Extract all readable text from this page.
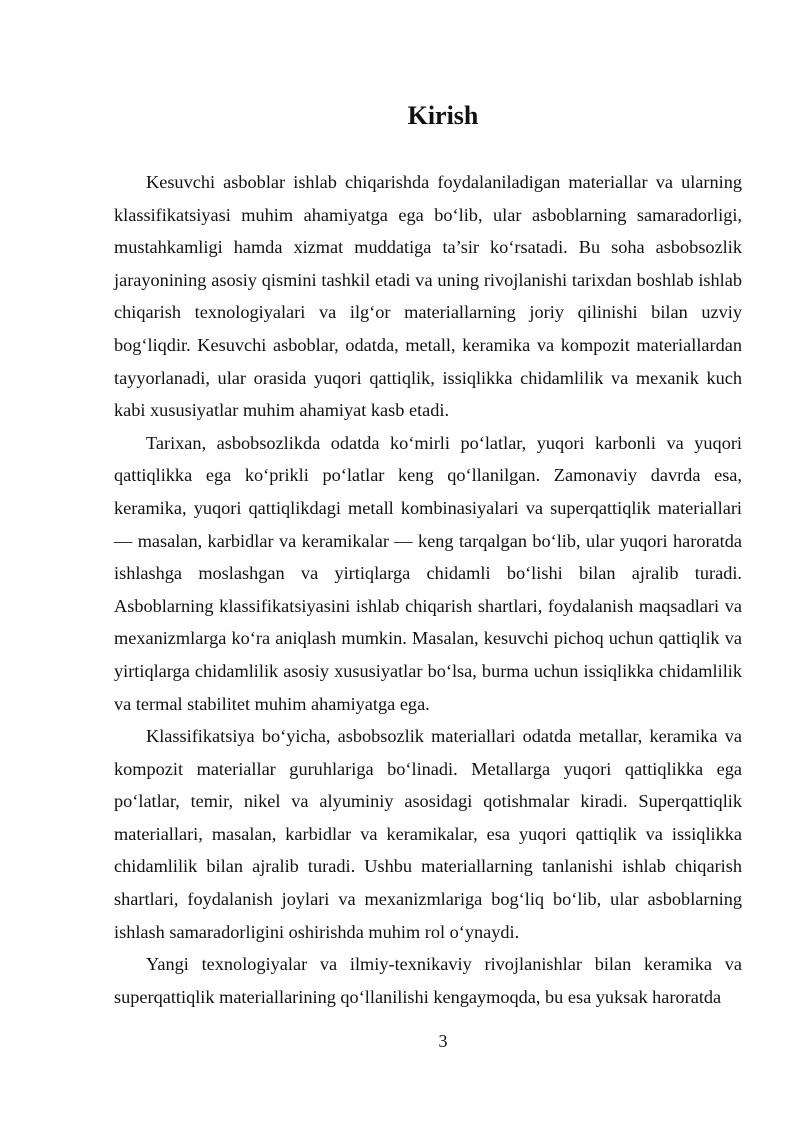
Kirish

Kesuvchi asboblar ishlab chiqarishda foydalaniladigan materiallar va ularning klassifikatsiyasi muhim ahamiyatga ega bo‘lib, ular asboblarning samaradorligi, mustahkamligi hamda xizmat muddatiga ta’sir ko‘rsatadi. Bu soha asbobsozlik jarayonining asosiy qismini tashkil etadi va uning rivojlanishi tarixdan boshlab ishlab chiqarish texnologiyalari va ilg‘or materiallarning joriy qilinishi bilan uzviy bog‘liqdir. Kesuvchi asboblar, odatda, metall, keramika va kompozit materiallardan tayyorlanadi, ular orasida yuqori qattiqlik, issiqlikka chidamlilik va mexanik kuch kabi xususiyatlar muhim ahamiyat kasb etadi.

Tarixan, asbobsozlikda odatda ko‘mirli po‘latlar, yuqori karbonli va yuqori qattiqlikka ega ko‘prikli po‘latlar keng qo‘llanilgan. Zamonaviy davrda esa, keramika, yuqori qattiqlikdagi metall kombinasiyalari va superqattiqlik materiallari — masalan, karbidlar va keramikalar — keng tarqalgan bo‘lib, ular yuqori haroratda ishlashga moslashgan va yirtiqlarga chidamli bo‘lishi bilan ajralib turadi. Asboblarning klassifikatsiyasini ishlab chiqarish shartlari, foydalanish maqsadlari va mexanizmlarga ko‘ra aniqlash mumkin. Masalan, kesuvchi pichoq uchun qattiqlik va yirtiqlarga chidamlilik asosiy xususiyatlar bo‘lsa, burma uchun issiqlikka chidamlilik va termal stabilitet muhim ahamiyatga ega.

Klassifikatsiya bo‘yicha, asbobsozlik materiallari odatda metallar, keramika va kompozit materiallar guruhlariga bo‘linadi. Metallarga yuqori qattiqlikka ega po‘latlar, temir, nikel va alyuminiy asosidagi qotishmalar kiradi. Superqattiqlik materiallari, masalan, karbidlar va keramikalar, esa yuqori qattiqlik va issiqlikka chidamlilik bilan ajralib turadi. Ushbu materiallarning tanlanishi ishlab chiqarish shartlari, foydalanish joylari va mexanizmlariga bog‘liq bo‘lib, ular asboblarning ishlash samaradorligini oshirishda muhim rol o‘ynaydi.

Yangi texnologiyalar va ilmiy-texnikaviy rivojlanishlar bilan keramika va superqattiqlik materiallarining qo‘llanilishi kengaymoqda, bu esa yuksak haroratda

3
